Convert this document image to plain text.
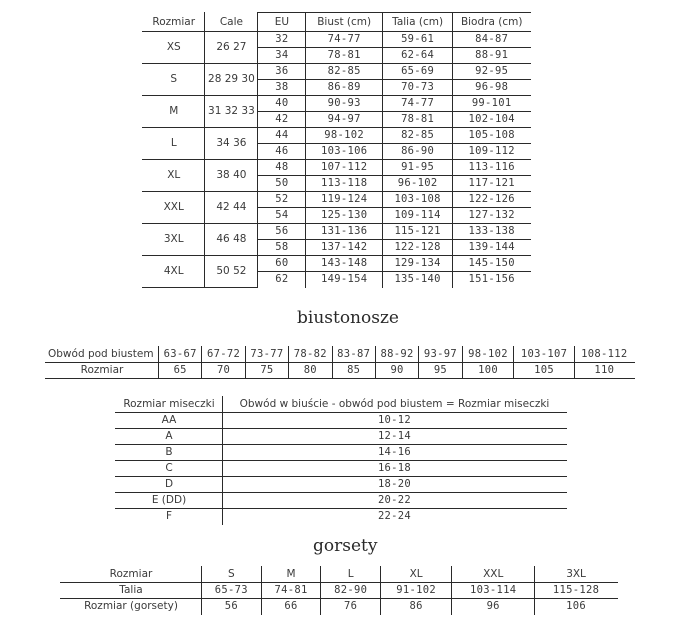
Rozmiar	Cale	EU	Biust (cm)	Talia (cm)	Biodra (cm)
XS	26 27	32	74-77	59-61	84-87
		34	78-81	62-64	88-91
S	28 29 30	36	82-85	65-69	92-95
		38	86-89	70-73	96-98
M	31 32 33	40	90-93	74-77	99-101
		42	94-97	78-81	102-104
L	34 36	44	98-102	82-85	105-108
		46	103-106	86-90	109-112
XL	38 40	48	107-112	91-95	113-116
		50	113-118	96-102	117-121
XXL	42 44	52	119-124	103-108	122-126
		54	125-130	109-114	127-132
3XL	46 48	56	131-136	115-121	133-138
		58	137-142	122-128	139-144
4XL	50 52	60	143-148	129-134	145-150
		62	149-154	135-140	151-156
biustonosze
Obwód pod biustem	63-67	67-72	73-77	78-82	83-87	88-92	93-97	98-102	103-107	108-112
Rozmiar	65	70	75	80	85	90	95	100	105	110
Rozmiar miseczki	Obwód w biuście - obwód pod biustem = Rozmiar miseczki
AA	10-12
A	12-14
B	14-16
C	16-18
D	18-20
E (DD)	20-22
F	22-24
gorsety
Rozmiar	S	M	L	XL	XXL	3XL
Talia	65-73	74-81	82-90	91-102	103-114	115-128
Rozmiar (gorsety)	56	66	76	86	96	106
